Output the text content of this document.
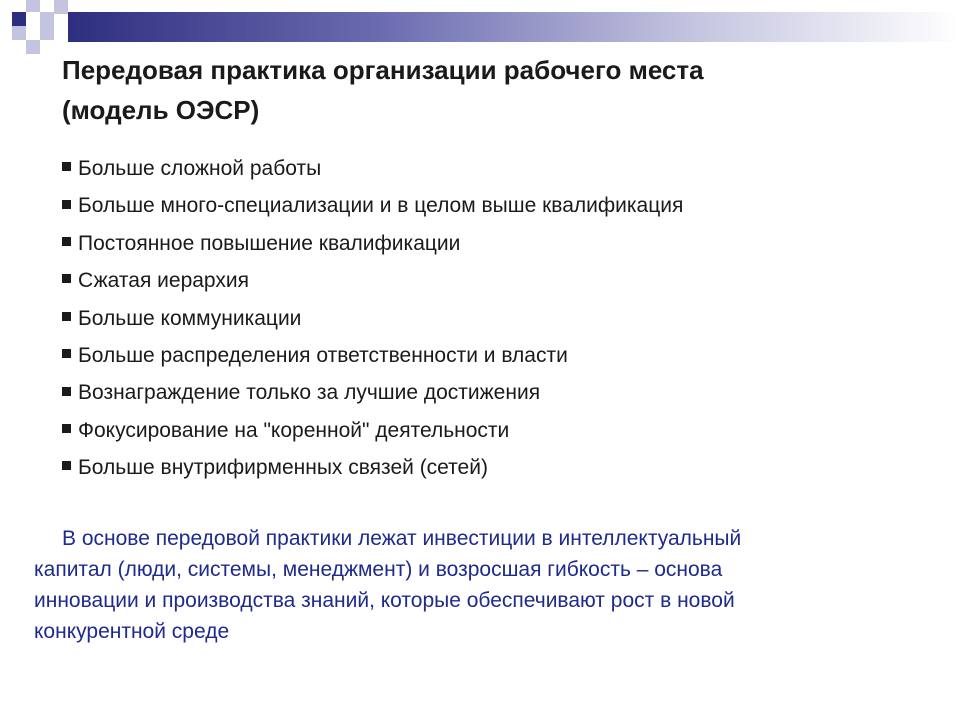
Передовая практика организации рабочего места
(модель ОЭСР)
Больше сложной работы
Больше много-специализации и в целом выше квалификация
Постоянное повышение квалификации
Сжатая иерархия
Больше коммуникации
Больше распределения ответственности и власти
Вознаграждение только за лучшие достижения
Фокусирование на "коренной" деятельности
Больше внутрифирменных связей (сетей)
В основе передовой практики лежат инвестиции в интеллектуальный
капитал (люди, системы, менеджмент) и возросшая гибкость – основа
инновации и производства знаний, которые обеспечивают рост в новой
конкурентной среде
